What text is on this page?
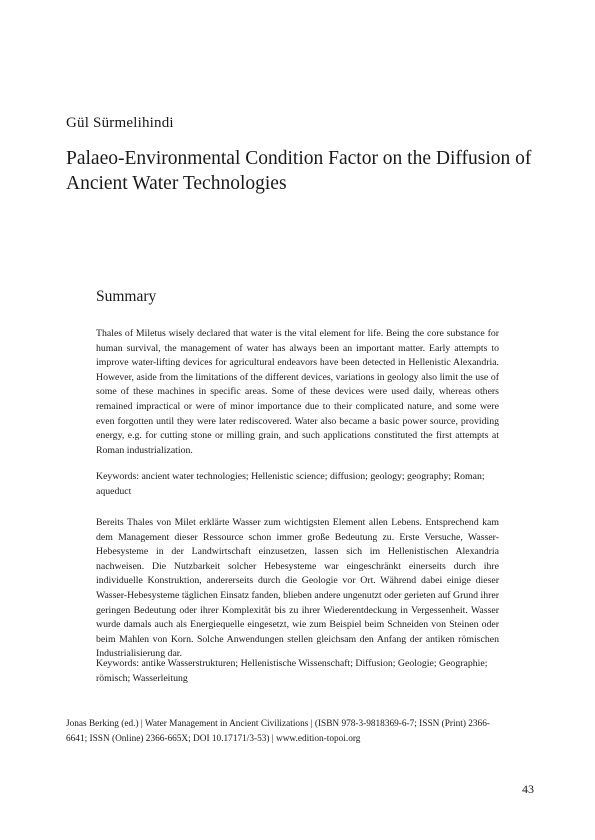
Gül Sürmelihindi

Palaeo-Environmental Condition Factor on the Diffusion of Ancient Water Technologies
Summary

Thales of Miletus wisely declared that water is the vital element for life. Being the core substance for human survival, the management of water has always been an important matter. Early attempts to improve water-lifting devices for agricultural endeavors have been detected in Hellenistic Alexandria. However, aside from the limitations of the different devices, variations in geology also limit the use of some of these machines in specific areas. Some of these devices were used daily, whereas others remained impractical or were of minor importance due to their complicated nature, and some were even forgotten until they were later rediscovered. Water also became a basic power source, providing energy, e.g. for cutting stone or milling grain, and such applications constituted the first attempts at Roman industrialization.

Keywords: ancient water technologies; Hellenistic science; diffusion; geology; geography; Roman; aqueduct

Bereits Thales von Milet erklärte Wasser zum wichtigsten Element allen Lebens. Entsprechend kam dem Management dieser Ressource schon immer große Bedeutung zu. Erste Versuche, Wasser-Hebesysteme in der Landwirtschaft einzusetzen, lassen sich im Hellenistischen Alexandria nachweisen. Die Nutzbarkeit solcher Hebesysteme war eingeschränkt einerseits durch ihre individuelle Konstruktion, andererseits durch die Geologie vor Ort. Während dabei einige dieser Wasser-Hebesysteme täglichen Einsatz fanden, blieben andere ungenutzt oder gerieten auf Grund ihrer geringen Bedeutung oder ihrer Komplexität bis zu ihrer Wiederentdeckung in Vergessenheit. Wasser wurde damals auch als Energiequelle eingesetzt, wie zum Beispiel beim Schneiden von Steinen oder beim Mahlen von Korn. Solche Anwendungen stellen gleichsam den Anfang der antiken römischen Industrialisierung dar.

Keywords: antike Wasserstrukturen; Hellenistische Wissenschaft; Diffusion; Geologie; Geographie; römisch; Wasserleitung

Jonas Berking (ed.) | Water Management in Ancient Civilizations | (ISBN 978-3-9818369-6-7; ISSN (Print) 2366-6641; ISSN (Online) 2366-665X; DOI 10.17171/3-53) | www.edition-topoi.org

43
